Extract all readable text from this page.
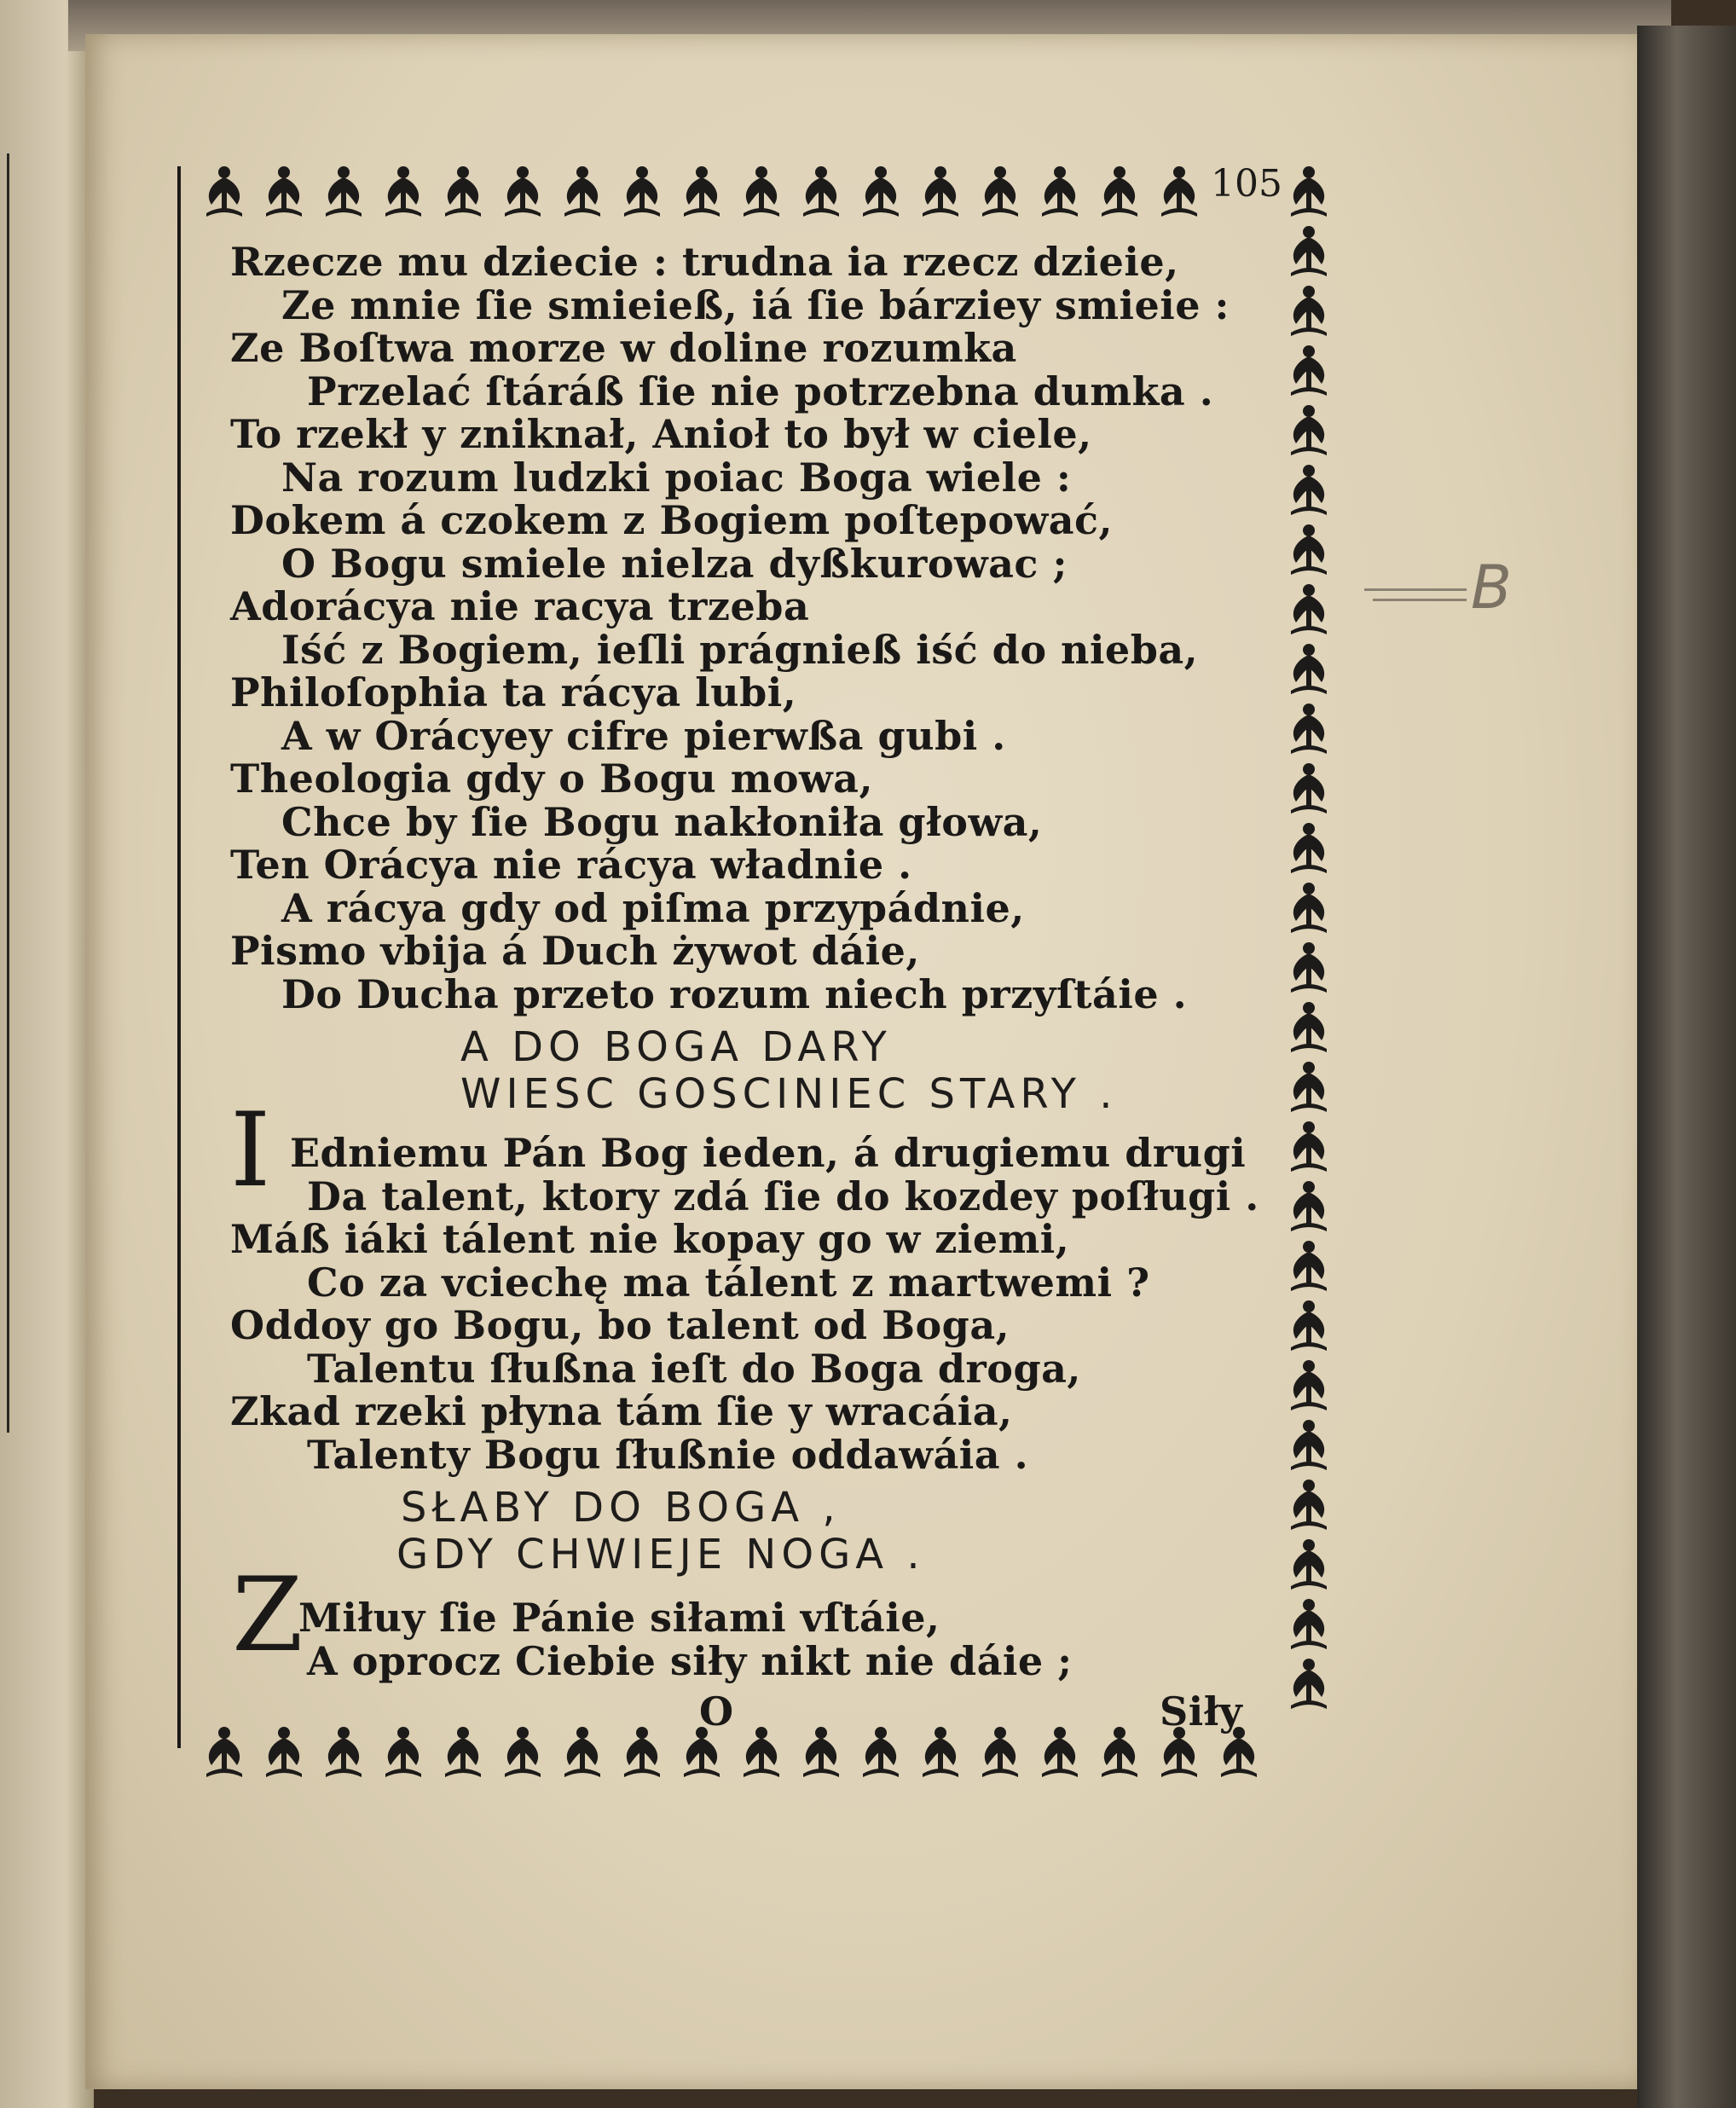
B
105
Rzecze mu dziecie : trudna ia rzecz dzieie,
Ze mnie ſie smieieß, iá ſie bárziey smieie :
Ze Boſtwa morze w doline rozumka
Przelać ſtáráß ſie nie potrzebna dumka .
To rzekł y zniknał, Anioł to był w ciele,
Na rozum ludzki poiac Boga wiele :
Dokem á czokem z Bogiem poſtepować,
O Bogu smiele nielza dyßkurowac ;
Adorácya nie racya trzeba
Iść z Bogiem, ieſli prágnieß iść do nieba,
Philoſophia ta rácya lubi,
A w Orácyey cifre pierwßa gubi .
Theologia gdy o Bogu mowa,
Chce by ſie Bogu nakłoniła głowa,
Ten Orácya nie rácya władnie .
A rácya gdy od piſma przypádnie,
Pismo vbija á Duch żywot dáie,
Do Ducha przeto rozum niech przyſtáie .
A DO BOGA DARY
WIESC GOSCINIEC STARY .
I Edniemu Pán Bog ieden, á drugiemu drugi
Da talent, ktory zdá ſie do kozdey poſługi .
Máß iáki tálent nie kopay go w ziemi,
Co za vciechę ma tálent z martwemi ?
Oddoy go Bogu, bo talent od Boga,
Talentu ſłußna ieſt do Boga droga,
Zkad rzeki płyna tám ſie y wracáia,
Talenty Bogu ſłußnie oddawáia .
SŁABY DO BOGA ,
GDY CHWIEJE NOGA .
Z
Miłuy ſie Pánie siłami vſtáie,
A oprocz Ciebie siły nikt nie dáie ;
O	Siły
